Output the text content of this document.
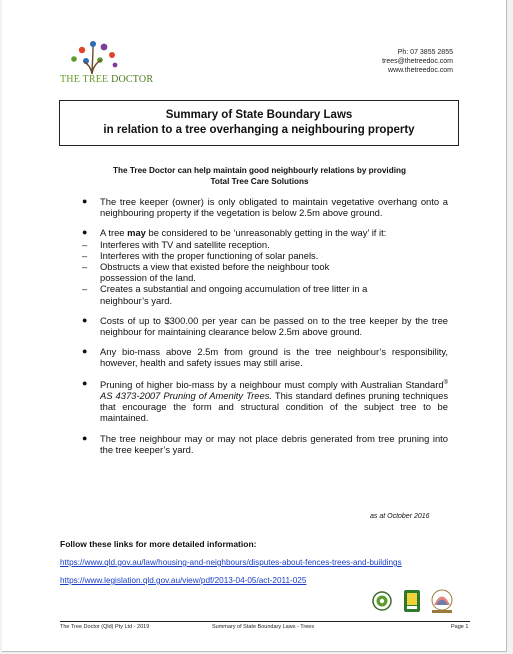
THE TREE DOCTOR
Ph: 07 3855 2855
trees@thetreedoc.com
www.thetreedoc.com
Summary of State Boundary Laws
in relation to a tree overhanging a neighbouring property
The Tree Doctor can help maintain good neighbourly relations by providing
Total Tree Care Solutions
● The tree keeper (owner) is only obligated to maintain vegetative overhang onto a neighbouring property if the vegetation is below 2.5m above ground.
● A tree may be considered to be ‘unreasonably getting in the way’ if it:
– Interferes with TV and satellite reception.
– Interferes with the proper functioning of solar panels.
– Obstructs a view that existed before the neighbour took
possession of the land.
– Creates a substantial and ongoing accumulation of tree litter in a
neighbour’s yard.
● Costs of up to $300.00 per year can be passed on to the tree keeper by the tree neighbour for maintaining clearance below 2.5m above ground.
● Any bio-mass above 2.5m from ground is the tree neighbour’s responsibility, however, health and safety issues may still arise.
● Pruning of higher bio-mass by a neighbour must comply with Australian Standard® AS 4373-2007 Pruning of Amenity Trees. This standard defines pruning techniques that encourage the form and structural condition of the subject tree to be maintained.
● The tree neighbour may or may not place debris generated from tree pruning into the tree keeper’s yard.
as at October 2016
Follow these links for more detailed information:
https://www.qld.gov.au/law/housing-and-neighbours/disputes-about-fences-trees-and-buildings
https://www.legislation.qld.gov.au/view/pdf/2013-04-05/act-2011-025
The Tree Doctor (Qld) Pty Ltd - 2019	Summary of State Boundary Laws - Trees	Page 1
